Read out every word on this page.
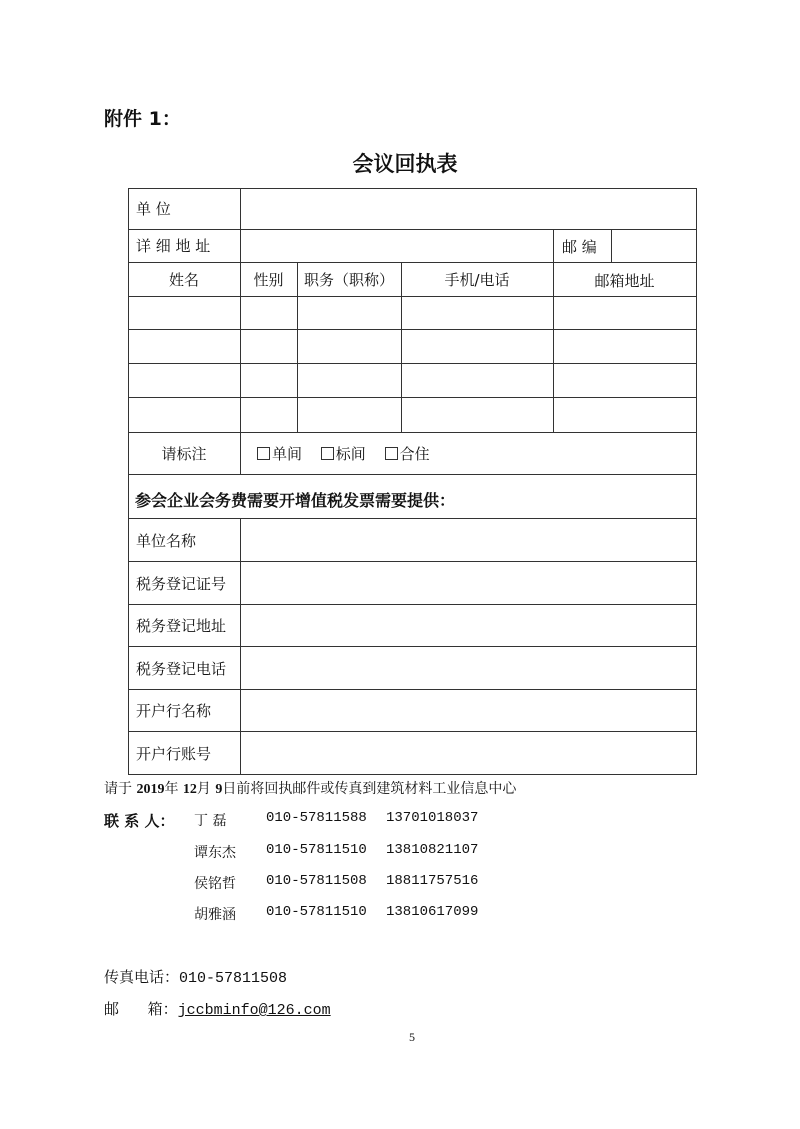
附件 1：
会议回执表
单 位
详 细 地 址	邮 编
姓名	性别	职务（职称）	手机/电话	邮箱地址
请标注	单间 标间 合住
参会企业会务费需要开增值税发票需要提供：
单位名称
税务登记证号
税务登记地址
税务登记电话
开户行名称
开户行账号
请于 2019年 12月 9日前将回执邮件或传真到建筑材料工业信息中心
联 系 人： 丁 磊	010-57811588 13701018037
谭东杰 010-57811510 13810821107
侯铭哲 010-57811508 18811757516
胡雅涵 010-57811510 13810617099
传真电话：010-57811508
邮      箱：jccbminfo@126.com
5
